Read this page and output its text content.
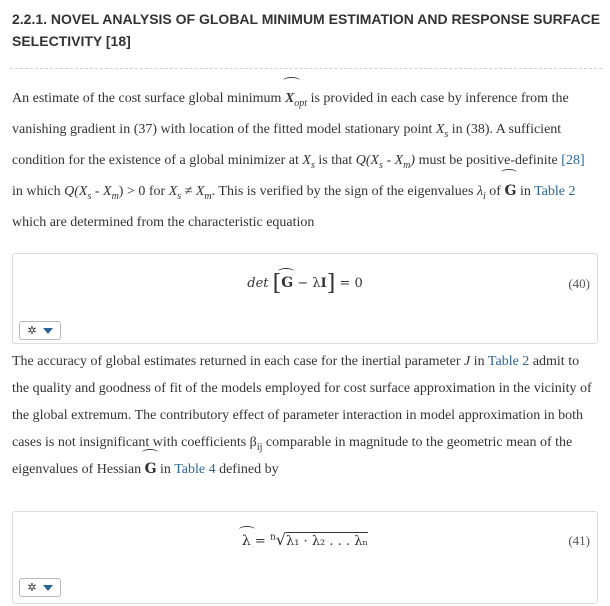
2.2.1. NOVEL ANALYSIS OF GLOBAL MINIMUM ESTIMATION AND RESPONSE SURFACE SELECTIVITY [18]
An estimate of the cost surface global minimum $X_{opt}$ is provided in each case by inference from the vanishing gradient in (37) with location of the fitted model stationary point $X_s$ in (38). A sufficient condition for the existence of a global minimizer at $X_s$ is that $Q(X_s - X_m)$ must be positive-definite [28] in which $Q(X_s - X_m) > 0$ for $X_s \ne X_m$. This is verified by the sign of the eigenvalues $\lambda_i$ of G in Table 2 which are determined from the characteristic equation
det [G − λI] = 0	(40)
✲
The accuracy of global estimates returned in each case for the inertial parameter J in Table 2 admit to the quality and goodness of fit of the models employed for cost surface approximation in the vicinity of the global extremum. The contributory effect of parameter interaction in model approximation in both cases is not insignificant with coefficients $\beta_{ij}$ comparable in magnitude to the geometric mean of the eigenvalues of Hessian G in Table 4 defined by
λ = $^n$√λ₁ · λ₂ . . . λₙ	(41)
✲
